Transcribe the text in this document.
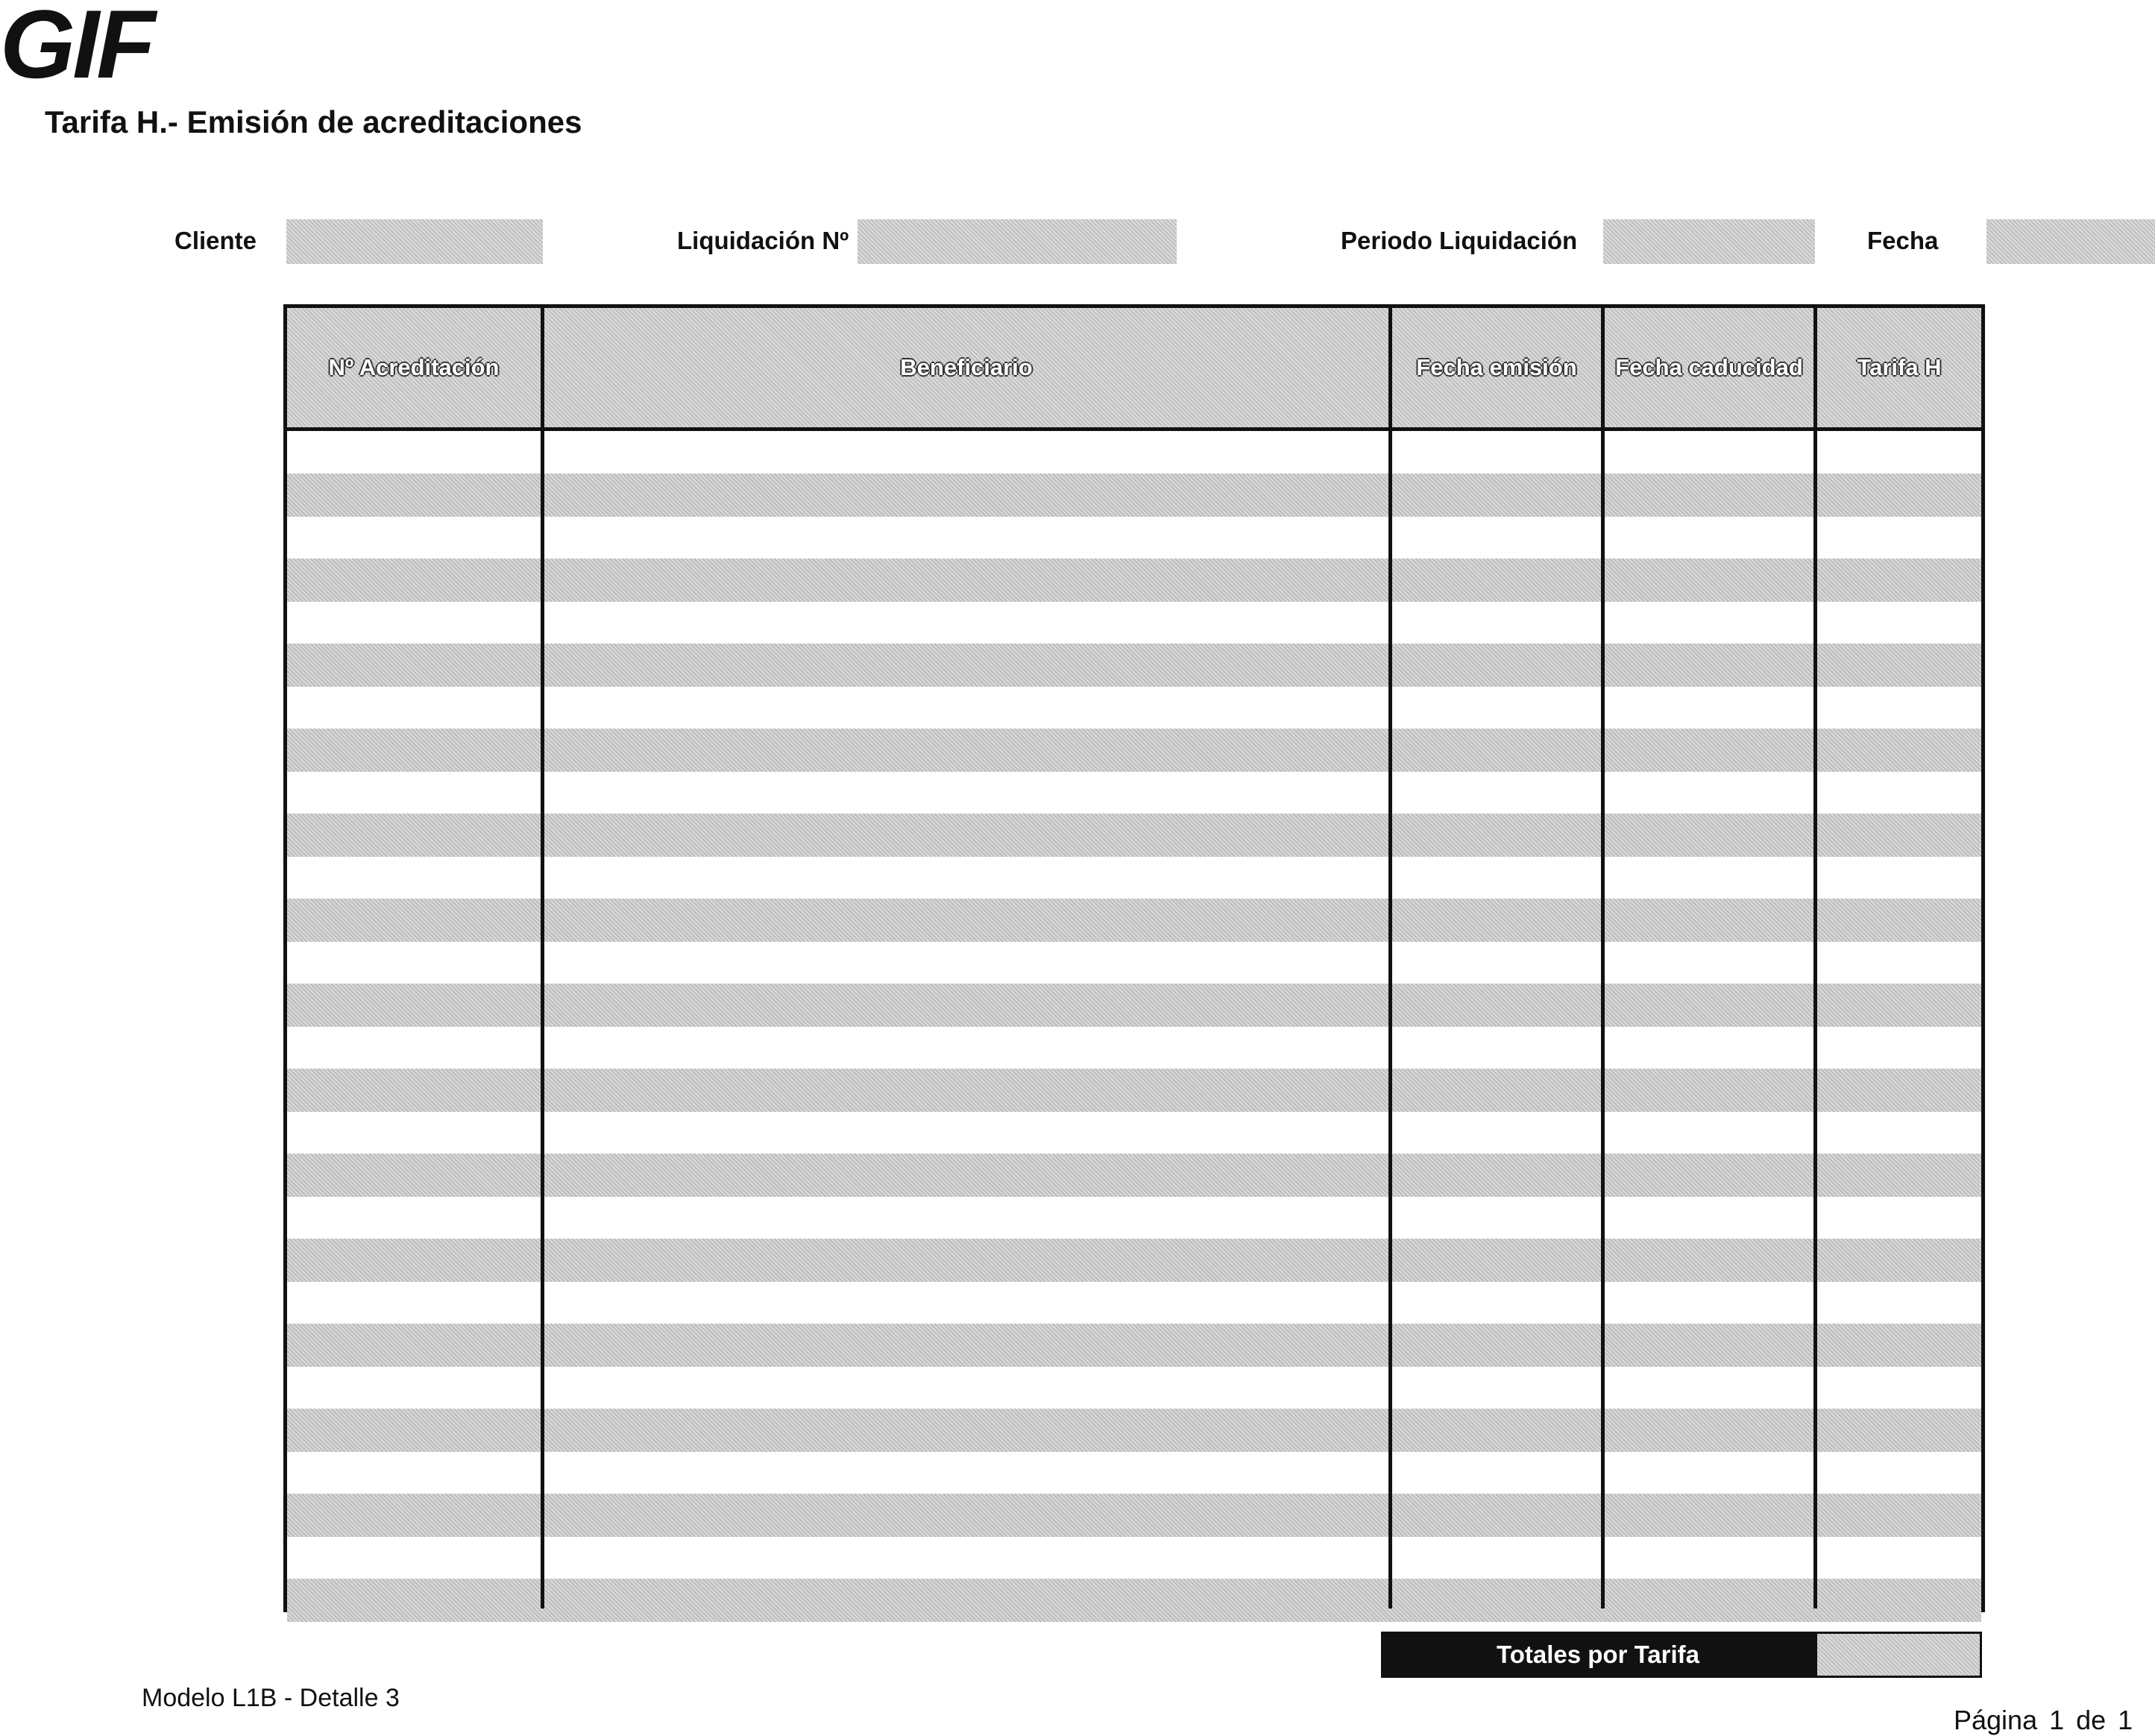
GIF
Tarifa H.- Emisión de acreditaciones
Cliente	Liquidación Nº	Periodo Liquidación	Fecha
Nº Acreditación	Beneficiario	Fecha emisión	Fecha caducidad	Tarifa H
Totales por Tarifa
Modelo L1B - Detalle 3
Página 1 de 1
